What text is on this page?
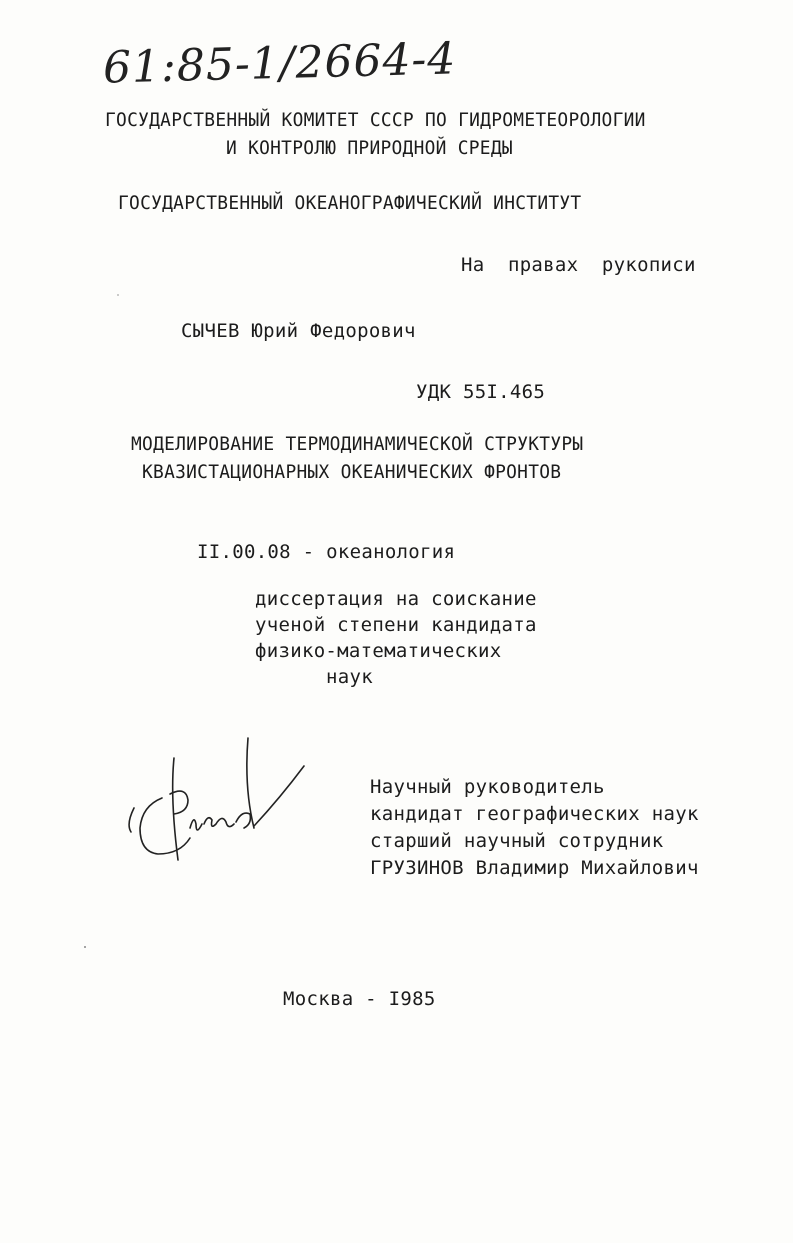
61:85-1/2664-4
ГОСУДАРСТВЕННЫЙ КОМИТЕТ СССР ПО ГИДРОМЕТЕОРОЛОГИИ
И КОНТРОЛЮ ПРИРОДНОЙ СРЕДЫ
ГОСУДАРСТВЕННЫЙ ОКЕАНОГРАФИЧЕСКИЙ ИНСТИТУТ
На  правах  рукописи
СЫЧЕВ Юрий Федорович
УДК 55I.465
МОДЕЛИРОВАНИЕ ТЕРМОДИНАМИЧЕСКОЙ СТРУКТУРЫ
КВАЗИСТАЦИОНАРНЫХ ОКЕАНИЧЕСКИХ ФРОНТОВ
II.00.08 - океанология
диссертация на соискание
ученой степени кандидата
физико-математических
наук
Научный руководитель
кандидат географических наук
старший научный сотрудник
ГРУЗИНОВ Владимир Михайлович
Москва - I985
